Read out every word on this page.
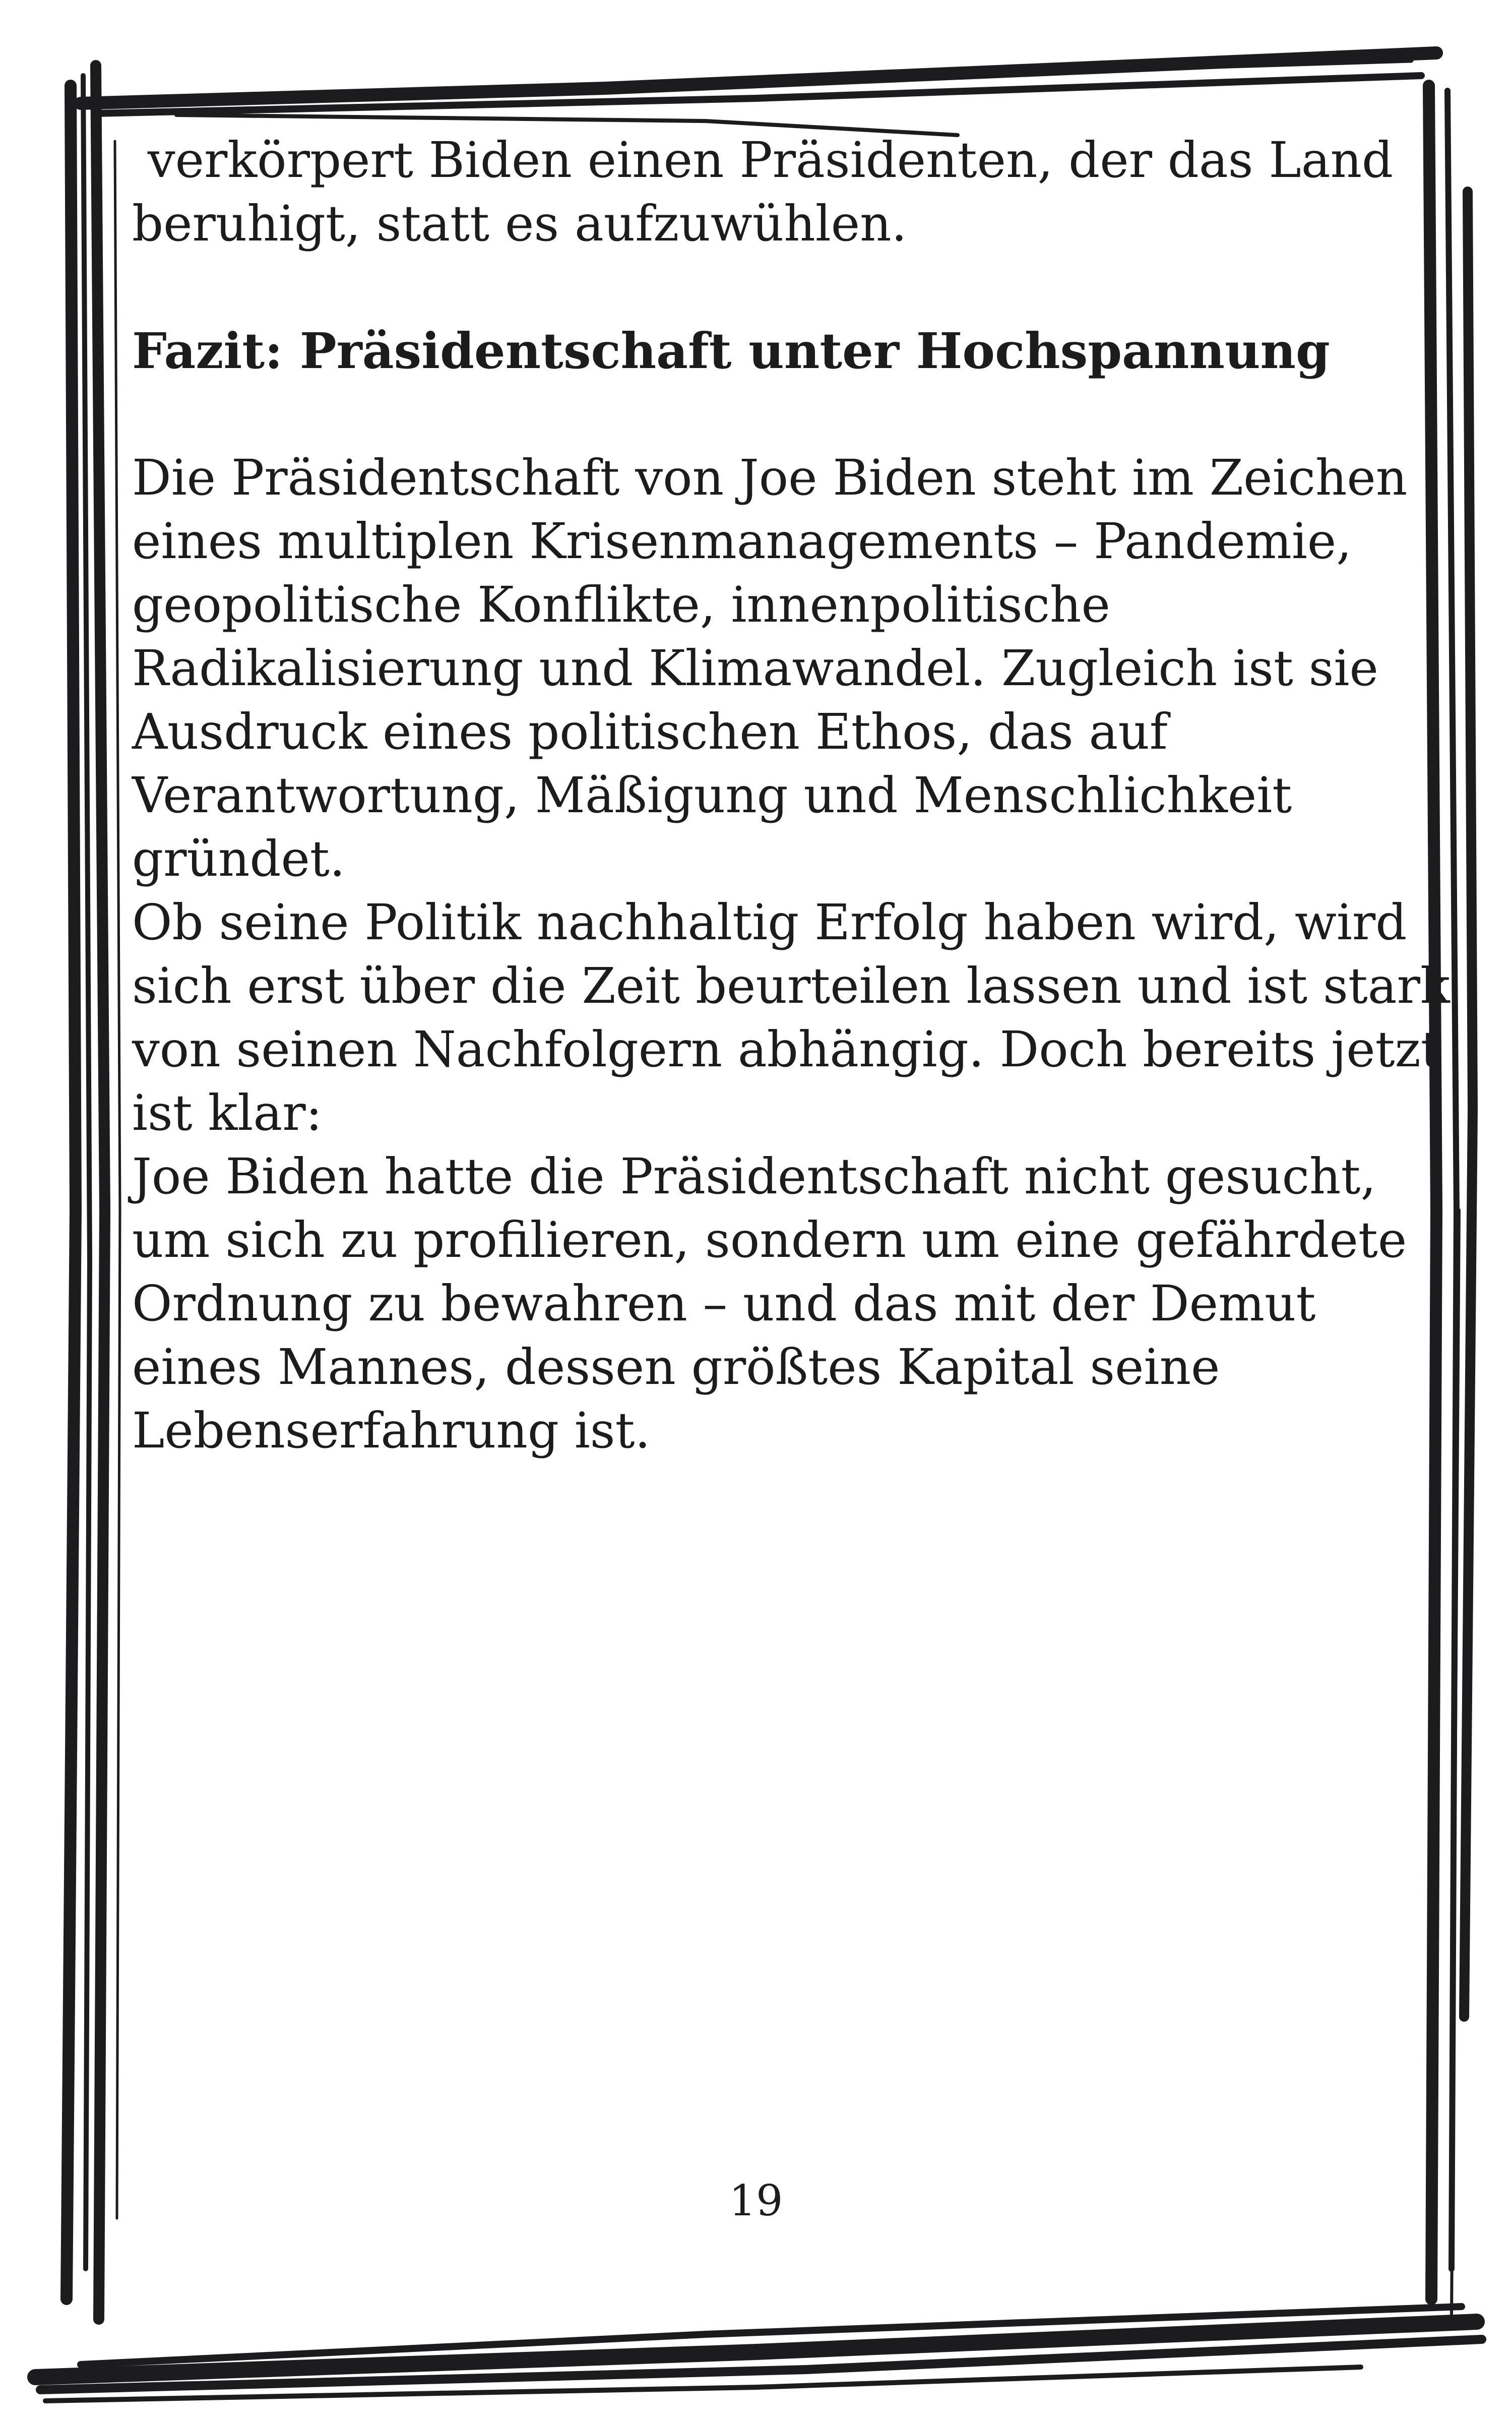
verkörpert Biden einen Präsidenten, der das Land

beruhigt, statt es aufzuwühlen.

Fazit: Präsidentschaft unter Hochspannung

Die Präsidentschaft von Joe Biden steht im Zeichen

eines multiplen Krisenmanagements – Pandemie,

geopolitische Konflikte, innenpolitische

Radikalisierung und Klimawandel. Zugleich ist sie

Ausdruck eines politischen Ethos, das auf

Verantwortung, Mäßigung und Menschlichkeit

gründet.

Ob seine Politik nachhaltig Erfolg haben wird, wird

sich erst über die Zeit beurteilen lassen und ist stark

von seinen Nachfolgern abhängig. Doch bereits jetzt

ist klar:

Joe Biden hatte die Präsidentschaft nicht gesucht,

um sich zu profilieren, sondern um eine gefährdete

Ordnung zu bewahren – und das mit der Demut

eines Mannes, dessen größtes Kapital seine

Lebenserfahrung ist.

19
